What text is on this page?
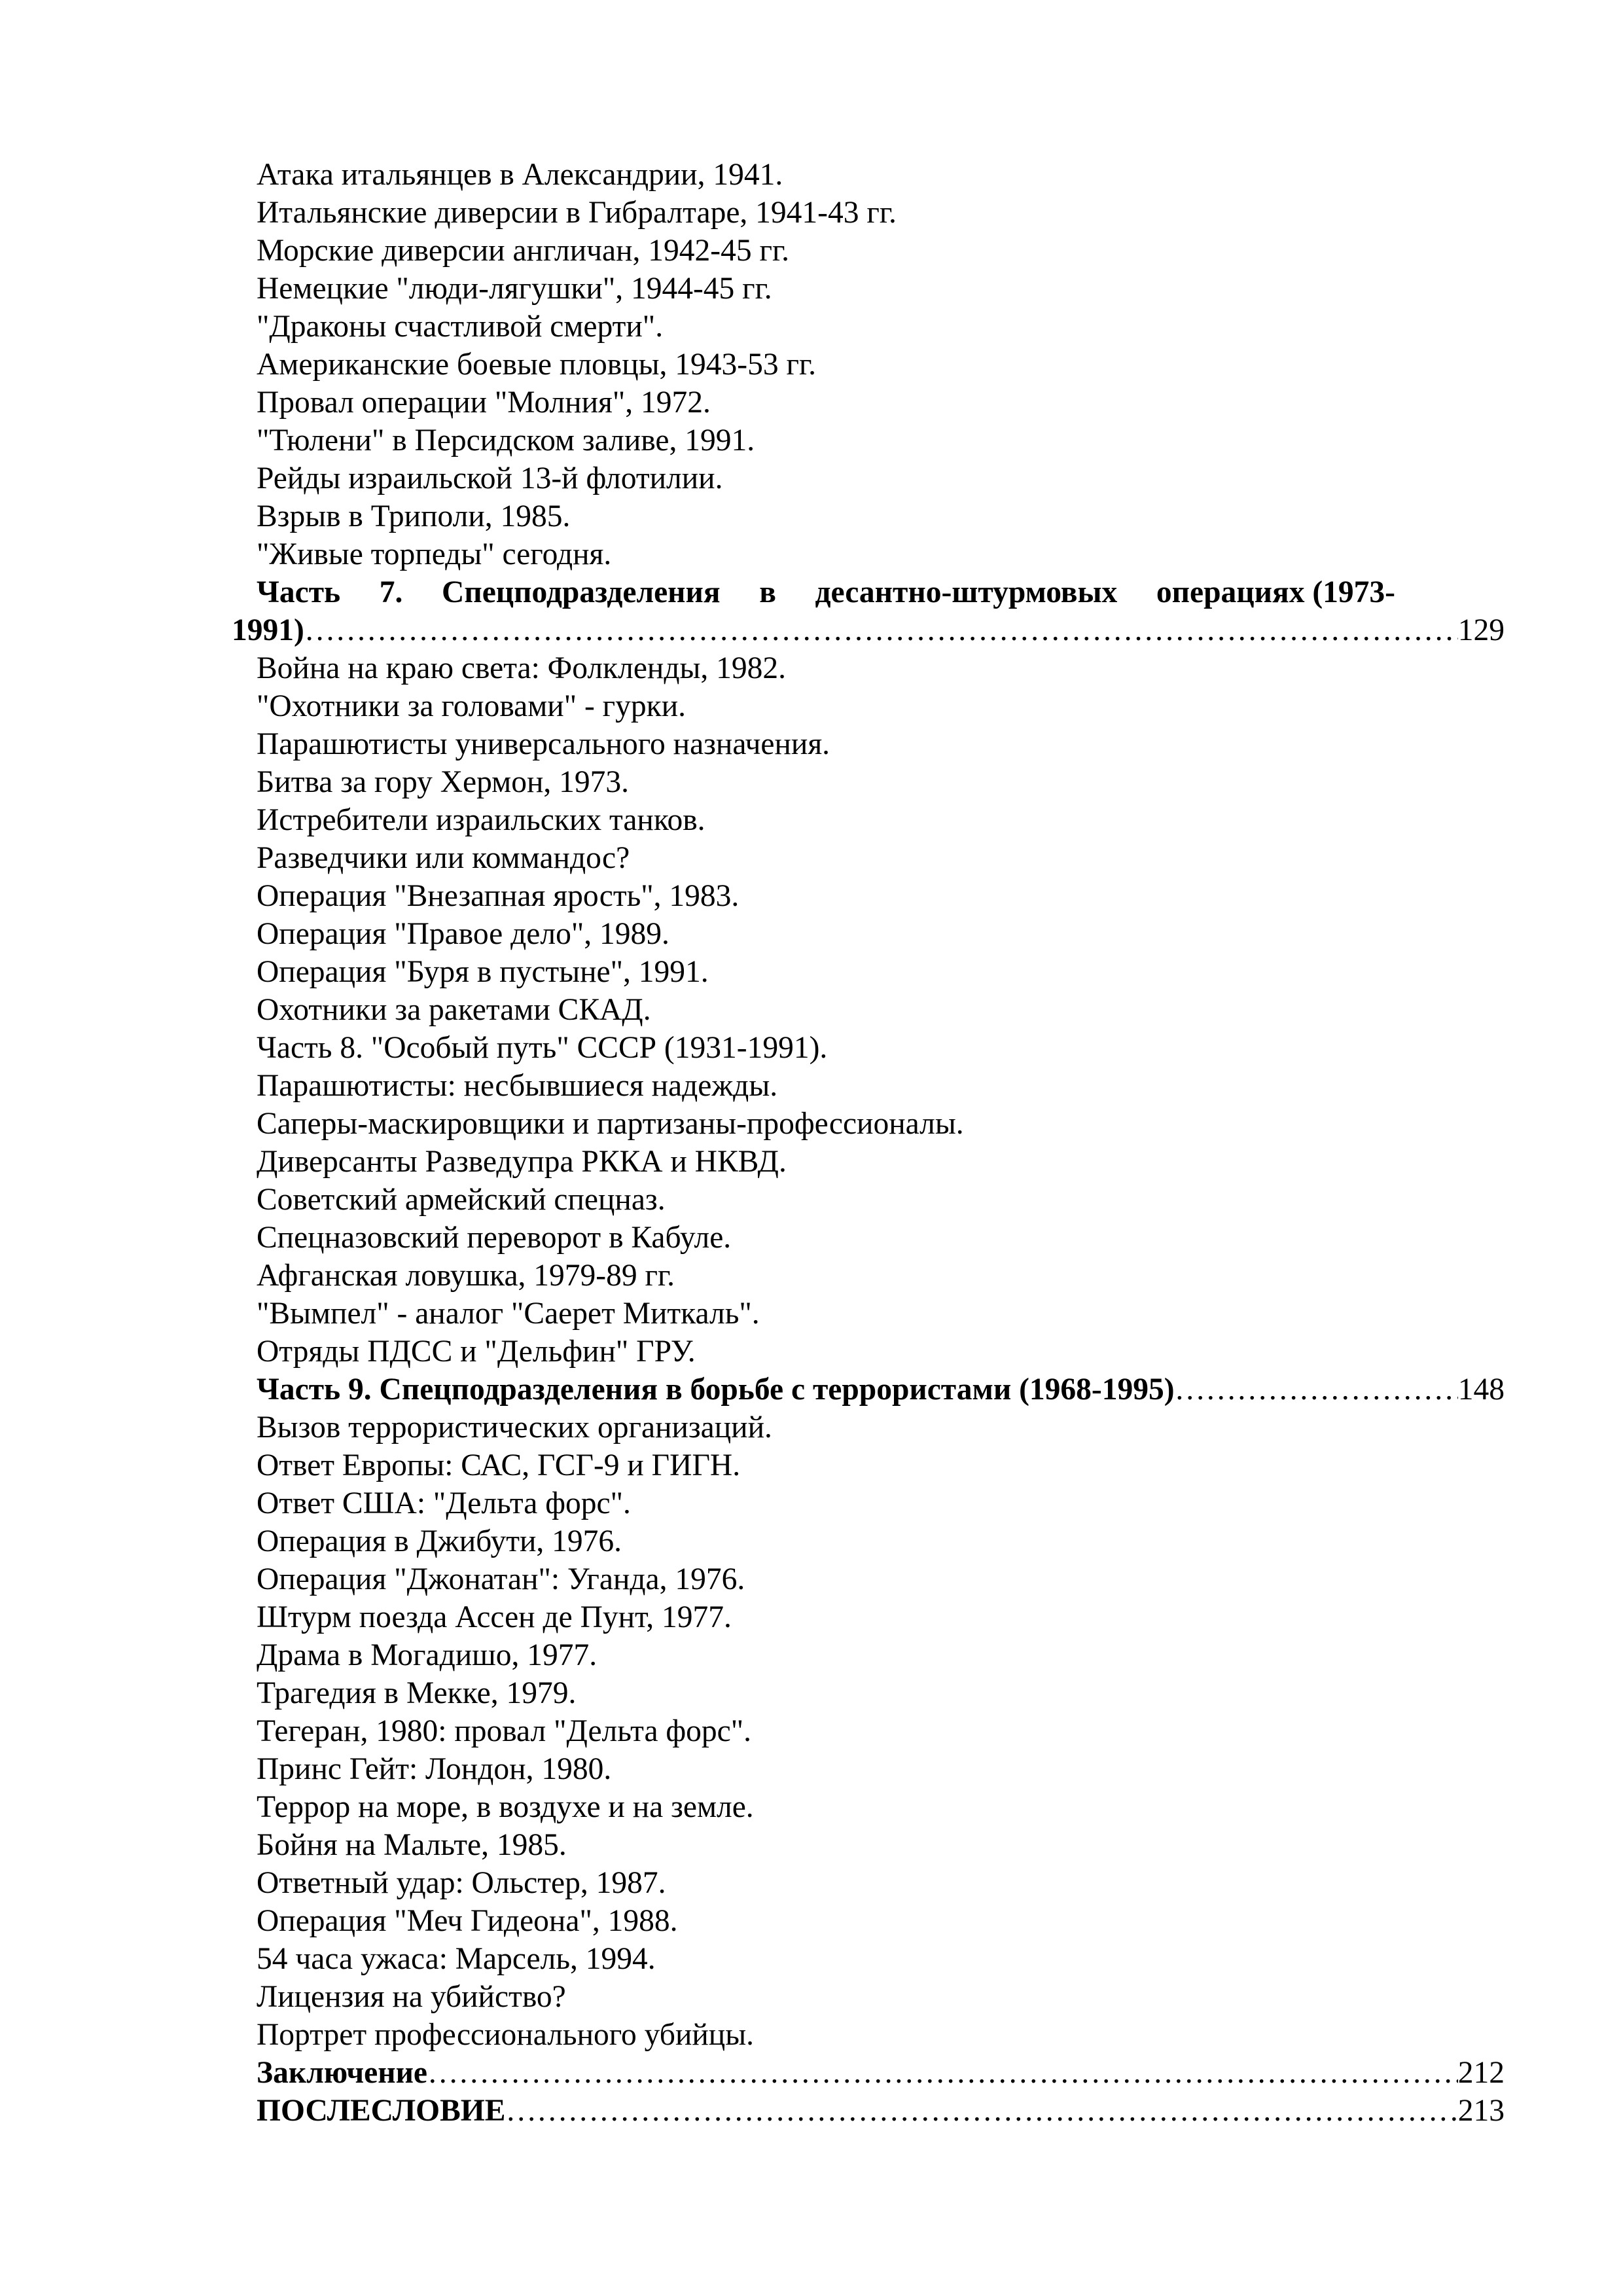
Атака итальянцев в Александрии, 1941.
Итальянские диверсии в Гибралтаре, 1941-43 гг.
Морские диверсии англичан, 1942-45 гг.
Немецкие "люди-лягушки", 1944-45 гг.
"Драконы счастливой смерти".
Американские боевые пловцы, 1943-53 гг.
Провал операции "Молния", 1972.
"Тюлени" в Персидском заливе, 1991.
Рейды израильской 13-й флотилии.
Взрыв в Триполи, 1985.
"Живые торпеды" сегодня.
Часть 7. Спецподразделения в десантно-штурмовых операциях (1973-
1991) ……………………………………………………………………………………………………………………………………………………………………………………………………………………………………………………………	129
Война на краю света: Фолкленды, 1982.
"Охотники за головами" - гурки.
Парашютисты универсального назначения.
Битва за гору Хермон, 1973.
Истребители израильских танков.
Разведчики или коммандос?
Операция "Внезапная ярость", 1983.
Операция "Правое дело", 1989.
Операция "Буря в пустыне", 1991.
Охотники за ракетами СКАД.
Часть 8. "Особый путь" СССР (1931-1991).
Парашютисты: несбывшиеся надежды.
Саперы-маскировщики и партизаны-профессионалы.
Диверсанты Разведупра РККА и НКВД.
Советский армейский спецназ.
Спецназовский переворот в Кабуле.
Афганская ловушка, 1979-89 гг.
"Вымпел" - аналог "Саерет Миткаль".
Отряды ПДСС и "Дельфин" ГРУ.
Часть 9. Спецподразделения в борьбе с террористами (1968-1995) ……………………………………………………………………………………………………………………………………………………………………………………………………………………………………………………………	148
Вызов террористических организаций.
Ответ Европы: САС, ГСГ-9 и ГИГН.
Ответ США: "Дельта форс".
Операция в Джибути, 1976.
Операция "Джонатан": Уганда, 1976.
Штурм поезда Ассен де Пунт, 1977.
Драма в Могадишо, 1977.
Трагедия в Мекке, 1979.
Тегеран, 1980: провал "Дельта форс".
Принс Гейт: Лондон, 1980.
Террор на море, в воздухе и на земле.
Бойня на Мальте, 1985.
Ответный удар: Ольстер, 1987.
Операция "Меч Гидеона", 1988.
54 часа ужаса: Марсель, 1994.
Лицензия на убийство?
Портрет профессионального убийцы.
Заключение ……………………………………………………………………………………………………………………………………………………………………………………………………………………………………………………………	212
ПОСЛЕСЛОВИЕ ……………………………………………………………………………………………………………………………………………………………………………………………………………………………………………………………	.213
